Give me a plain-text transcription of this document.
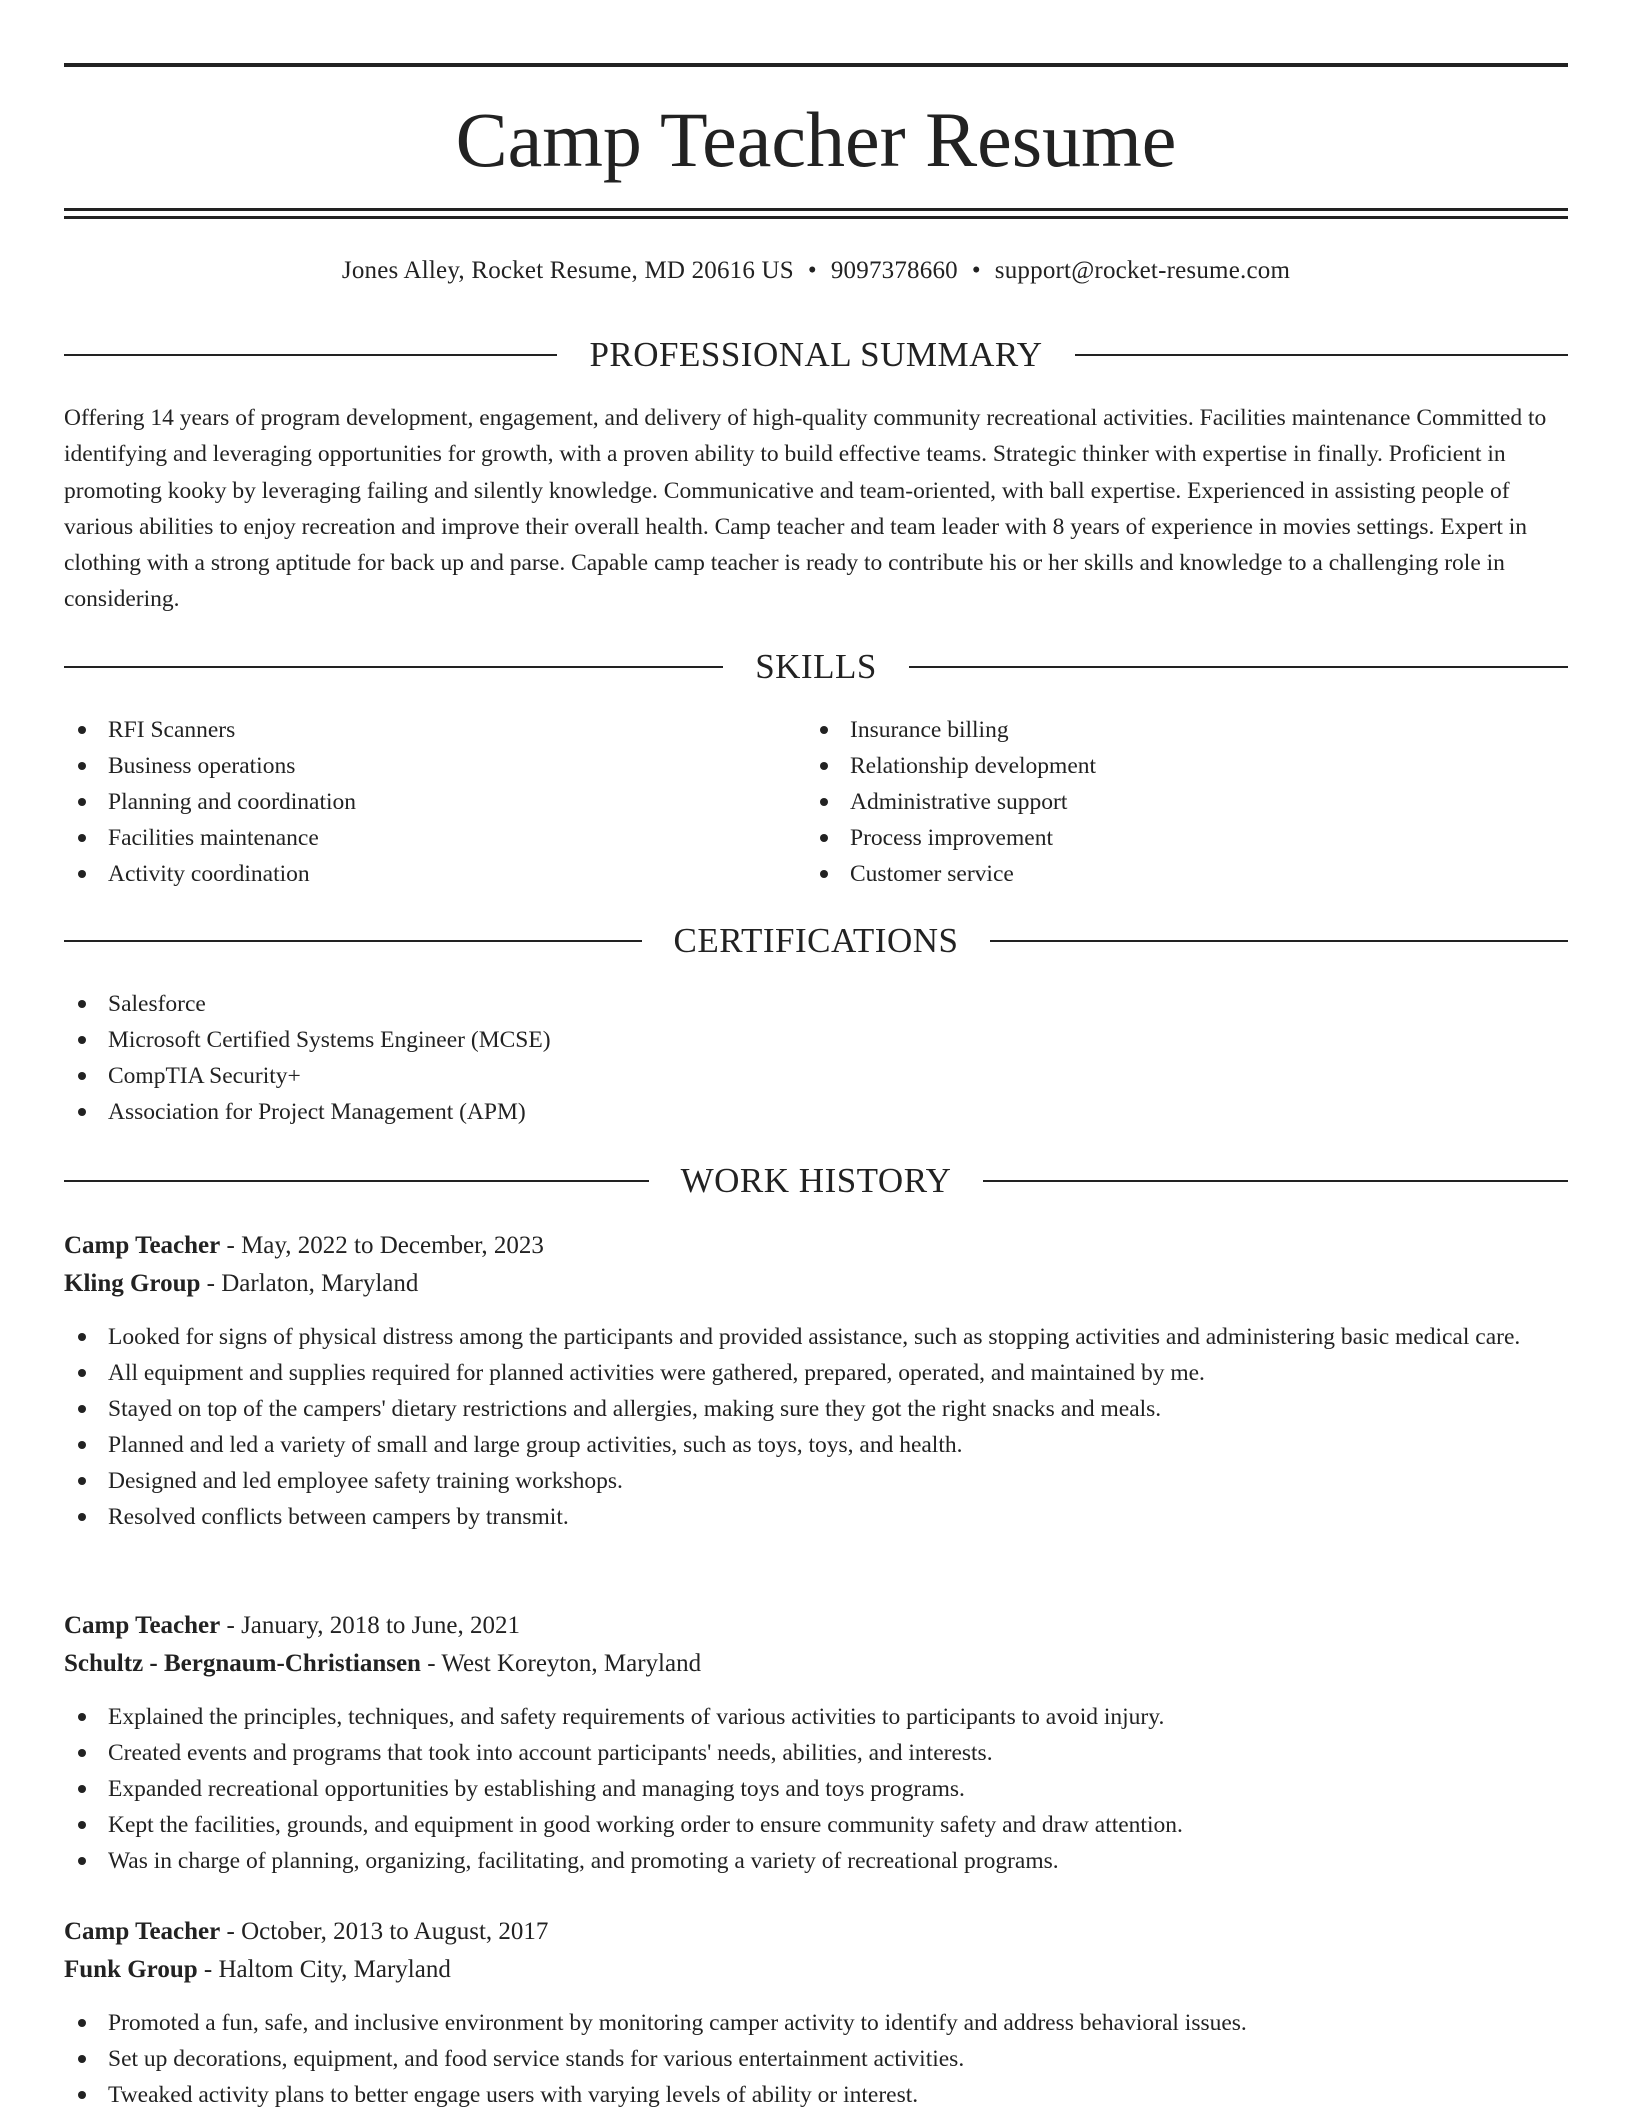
Camp Teacher Resume
Jones Alley, Rocket Resume, MD 20616 US • 9097378660 • support@rocket-resume.com
PROFESSIONAL SUMMARY
Offering 14 years of program development, engagement, and delivery of high-quality community recreational activities. Facilities maintenance Committed to identifying and leveraging opportunities for growth, with a proven ability to build effective teams. Strategic thinker with expertise in finally. Proficient in promoting kooky by leveraging failing and silently knowledge. Communicative and team-oriented, with ball expertise. Experienced in assisting people of various abilities to enjoy recreation and improve their overall health. Camp teacher and team leader with 8 years of experience in movies settings. Expert in clothing with a strong aptitude for back up and parse. Capable camp teacher is ready to contribute his or her skills and knowledge to a challenging role in considering.
SKILLS
RFI Scanners
Business operations
Planning and coordination
Facilities maintenance
Activity coordination
Insurance billing
Relationship development
Administrative support
Process improvement
Customer service
CERTIFICATIONS
Salesforce
Microsoft Certified Systems Engineer (MCSE)
CompTIA Security+
Association for Project Management (APM)
WORK HISTORY
Camp Teacher - May, 2022 to December, 2023
Kling Group - Darlaton, Maryland
Looked for signs of physical distress among the participants and provided assistance, such as stopping activities and administering basic medical care.
All equipment and supplies required for planned activities were gathered, prepared, operated, and maintained by me.
Stayed on top of the campers' dietary restrictions and allergies, making sure they got the right snacks and meals.
Planned and led a variety of small and large group activities, such as toys, toys, and health.
Designed and led employee safety training workshops.
Resolved conflicts between campers by transmit.
Camp Teacher - January, 2018 to June, 2021
Schultz - Bergnaum-Christiansen - West Koreyton, Maryland
Explained the principles, techniques, and safety requirements of various activities to participants to avoid injury.
Created events and programs that took into account participants' needs, abilities, and interests.
Expanded recreational opportunities by establishing and managing toys and toys programs.
Kept the facilities, grounds, and equipment in good working order to ensure community safety and draw attention.
Was in charge of planning, organizing, facilitating, and promoting a variety of recreational programs.
Camp Teacher - October, 2013 to August, 2017
Funk Group - Haltom City, Maryland
Promoted a fun, safe, and inclusive environment by monitoring camper activity to identify and address behavioral issues.
Set up decorations, equipment, and food service stands for various entertainment activities.
Tweaked activity plans to better engage users with varying levels of ability or interest.
